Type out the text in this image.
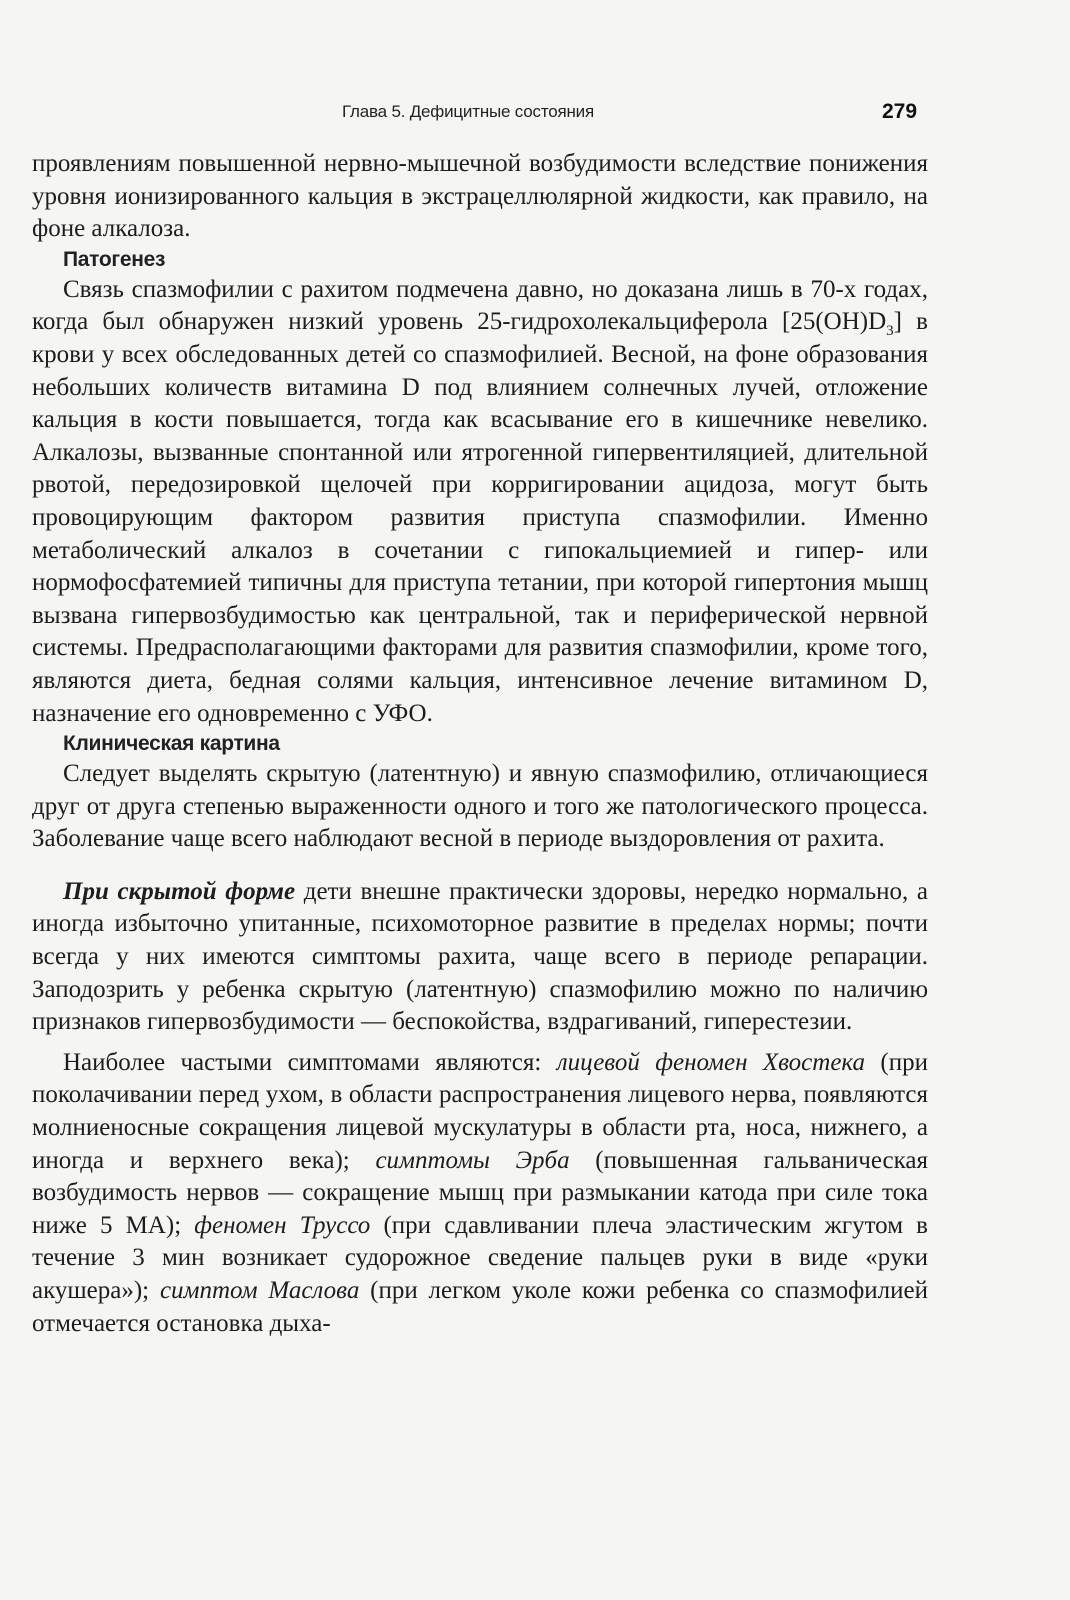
Глава 5. Дефицитные состояния	279

проявлениям повышенной нервно-мышечной возбудимости вследствие понижения уровня ионизированного кальция в экстрацеллюлярной жидкости, как правило, на фоне алкалоза.

Патогенез

Связь спазмофилии с рахитом подмечена давно, но доказана лишь в 70-х годах, когда был обнаружен низкий уровень 25-гидрохолекальциферола $[25(OH)D_3]$ в крови у всех обследованных детей со спазмофилией. Весной, на фоне образования небольших количеств витамина D под влиянием солнечных лучей, отложение кальция в кости повышается, тогда как всасывание его в кишечнике невелико. Алкалозы, вызванные спонтанной или ятрогенной гипервентиляцией, длительной рвотой, передозировкой щелочей при корригировании ацидоза, могут быть провоцирующим фактором развития приступа спазмофилии. Именно метаболический алкалоз в сочетании с гипокальциемией и гипер- или нормофосфатемией типичны для приступа тетании, при которой гипертония мышц вызвана гипервозбудимостью как центральной, так и периферической нервной системы. Предрасполагающими факторами для развития спазмофилии, кроме того, являются диета, бедная солями кальция, интенсивное лечение витамином D, назначение его одновременно с УФО.

Клиническая картина

Следует выделять скрытую (латентную) и явную спазмофилию, отличающиеся друг от друга степенью выраженности одного и того же патологического процесса. Заболевание чаще всего наблюдают весной в периоде выздоровления от рахита.

При скрытой форме дети внешне практически здоровы, нередко нормально, а иногда избыточно упитанные, психомоторное развитие в пределах нормы; почти всегда у них имеются симптомы рахита, чаще всего в периоде репарации. Заподозрить у ребенка скрытую (латентную) спазмофилию можно по наличию признаков гипервозбудимости — беспокойства, вздрагиваний, гиперестезии.

Наиболее частыми симптомами являются: лицевой феномен Хвостека (при поколачивании перед ухом, в области распространения лицевого нерва, появляются молниеносные сокращения лицевой мускулатуры в области рта, носа, нижнего, а иногда и верхнего века); симптомы Эрба (повышенная гальваническая возбудимость нервов — сокращение мышц при размыкании катода при силе тока ниже 5 МА); феномен Труссо (при сдавливании плеча эластическим жгутом в течение 3 мин возникает судорожное сведение пальцев руки в виде «руки акушера»); симптом Маслова (при легком уколе кожи ребенка со спазмофилией отмечается остановка дыха-
